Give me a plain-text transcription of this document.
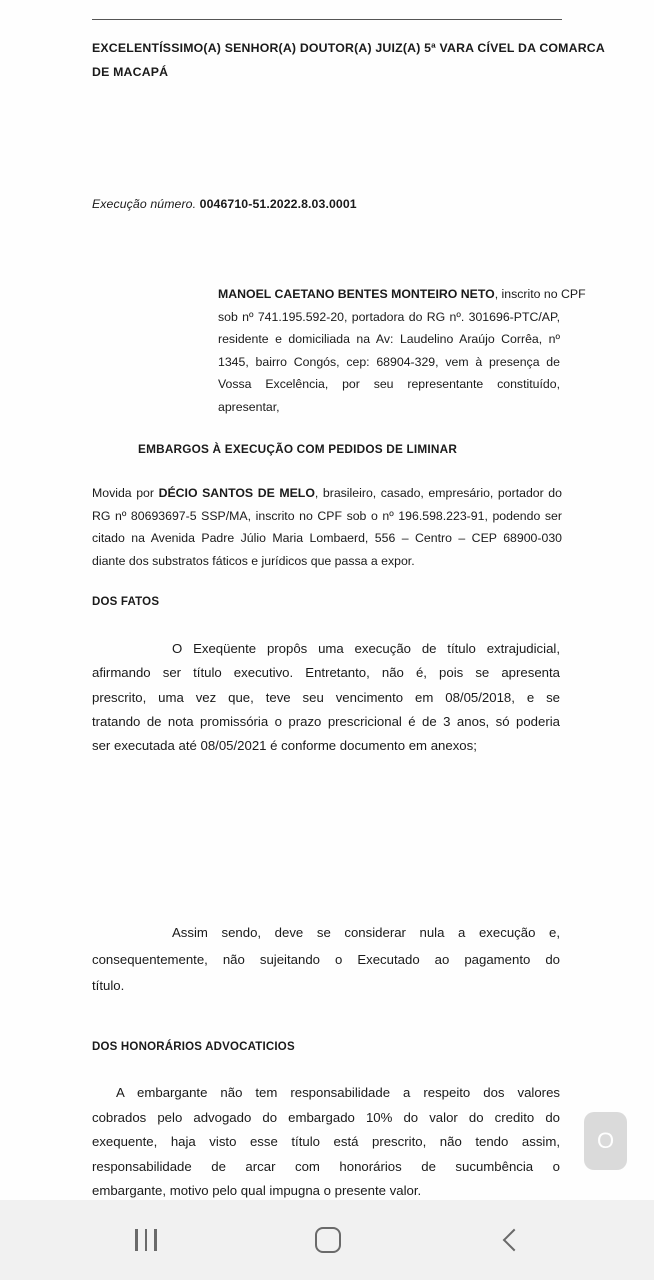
EXCELENTÍSSIMO(A) SENHOR(A) DOUTOR(A) JUIZ(A) 5ª VARA CÍVEL DA COMARCA
DE MACAPÁ
Execução número. 0046710-51.2022.8.03.0001
MANOEL CAETANO BENTES MONTEIRO NETO, inscrito no CPF
sob nº 741.195.592-20, portadora do RG nº. 301696-PTC/AP,
residente e domiciliada na Av: Laudelino Araújo Corrêa, nº
1345, bairro Congós, cep: 68904-329, vem à presença de
Vossa Excelência, por seu representante constituído,
apresentar,
EMBARGOS À EXECUÇÃO COM PEDIDOS DE LIMINAR
Movida por DÉCIO SANTOS DE MELO, brasileiro, casado, empresário, portador do
RG nº 80693697-5 SSP/MA, inscrito no CPF sob o nº 196.598.223-91, podendo ser
citado na Avenida Padre Júlio Maria Lombaerd, 556 – Centro – CEP 68900-030
diante dos substratos fáticos e jurídicos que passa a expor.
DOS FATOS
O Exeqüente propôs uma execução de título extrajudicial,
afirmando ser título executivo. Entretanto, não é, pois se apresenta
prescrito, uma vez que, teve seu vencimento em 08/05/2018, e se
tratando de nota promissória o prazo prescricional é de 3 anos, só poderia
ser executada até 08/05/2021 é conforme documento em anexos;
Assim sendo, deve se considerar nula a execução e,
consequentemente, não sujeitando o Executado ao pagamento do
título.
DOS HONORÁRIOS ADVOCATICIOS
A embargante não tem responsabilidade a respeito dos valores
cobrados pelo advogado do embargado 10% do valor do credito do
exequente, haja visto esse título está prescrito, não tendo assim,
responsabilidade de arcar com honorários de sucumbência o
embargante, motivo pelo qual impugna o presente valor.
O
